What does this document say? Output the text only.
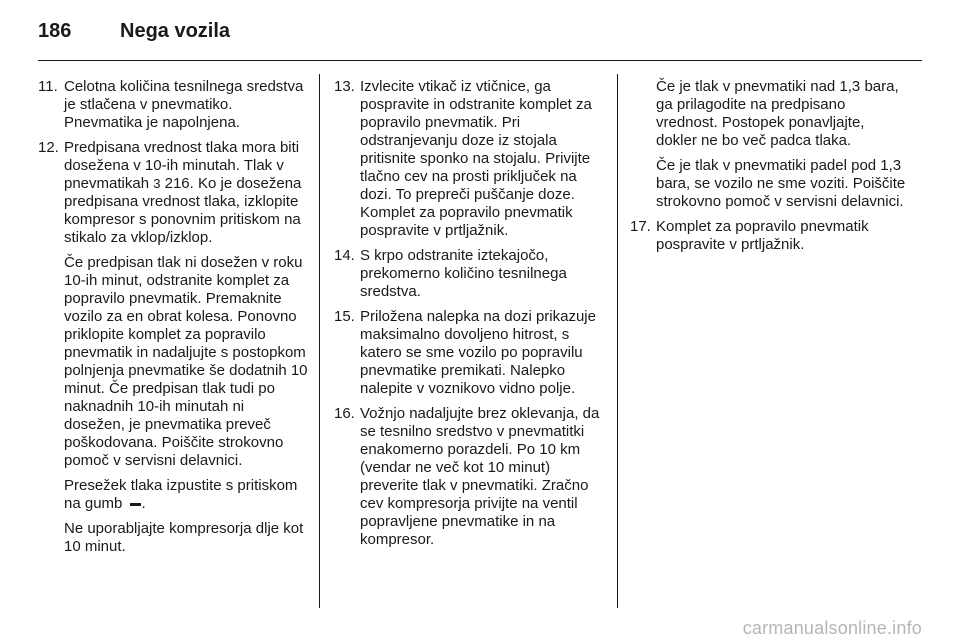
186	Nega vozila
11. Celotna količina tesnilnega sredstva je stlačena v pnevmatiko. Pnevmatika je napolnjena.
12. Predpisana vrednost tlaka mora biti dosežena v 10-ih minutah. Tlak v pnevmatikah 3 216. Ko je dosežena predpisana vrednost tlaka, izklopite kompresor s ponovnim pritiskom na stikalo za vklop/izklop.

Če predpisan tlak ni dosežen v roku 10-ih minut, odstranite komplet za popravilo pnevmatik. Premaknite vozilo za en obrat kolesa. Ponovno priklopite komplet za popravilo pnevmatik in nadaljujte s postopkom polnjenja pnevmatike še dodatnih 10 minut. Če predpisan tlak tudi po naknadnih 10-ih minutah ni dosežen, je pnevmatika preveč poškodovana. Poiščite strokovno pomoč v servisni delavnici.

Presežek tlaka izpustite s pritiskom na gumb .

Ne uporabljajte kompresorja dlje kot 10 minut.

13. Izvlecite vtikač iz vtičnice, ga pospravite in odstranite komplet za popravilo pnevmatik. Pri odstranjevanju doze iz stojala pritisnite sponko na stojalu. Privijte tlačno cev na prosti priključek na dozi. To prepreči puščanje doze. Komplet za popravilo pnevmatik pospravite v prtljažnik.
14. S krpo odstranite iztekajočo, prekomerno količino tesnilnega sredstva.
15. Priložena nalepka na dozi prikazuje maksimalno dovoljeno hitrost, s katero se sme vozilo po popravilu pnevmatike premikati. Nalepko nalepite v voznikovo vidno polje.
16. Vožnjo nadaljujte brez oklevanja, da se tesnilno sredstvo v pnevmatitki enakomerno porazdeli. Po 10 km (vendar ne več kot 10 minut) preverite tlak v pnevmatiki. Zračno cev kompresorja privijte na ventil popravljene pnevmatike in na kompresor.

Če je tlak v pnevmatiki nad 1,3 bara, ga prilagodite na predpisano vrednost. Postopek ponavljajte, dokler ne bo več padca tlaka.

Če je tlak v pnevmatiki padel pod 1,3 bara, se vozilo ne sme voziti. Poiščite strokovno pomoč v servisni delavnici.

17. Komplet za popravilo pnevmatik pospravite v prtljažnik.
carmanualsonline.info
